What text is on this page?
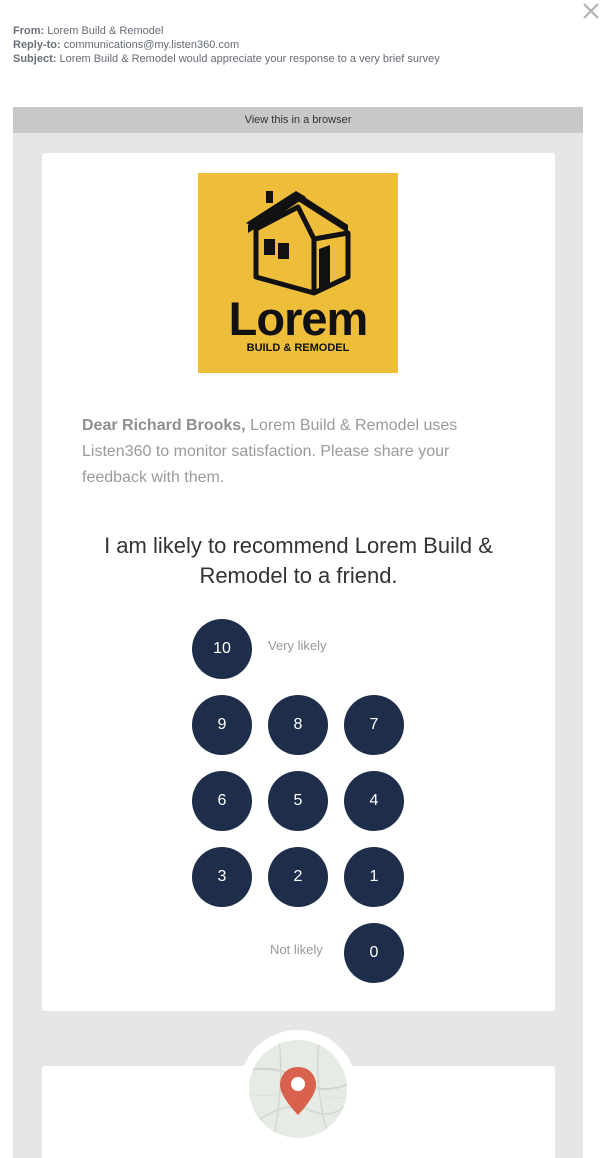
From: Lorem Build & Remodel
Reply-to: communications@my.listen360.com
Subject: Lorem Build & Remodel would appreciate your response to a very brief survey
View this in a browser
Lorem
BUILD & REMODEL
Dear Richard Brooks, Lorem Build & Remodel uses Listen360 to monitor satisfaction. Please share your feedback with them.
I am likely to recommend Lorem Build & Remodel to a friend.
10	Very likely
9	8	7
6	5	4
3	2	1
Not likely	0
